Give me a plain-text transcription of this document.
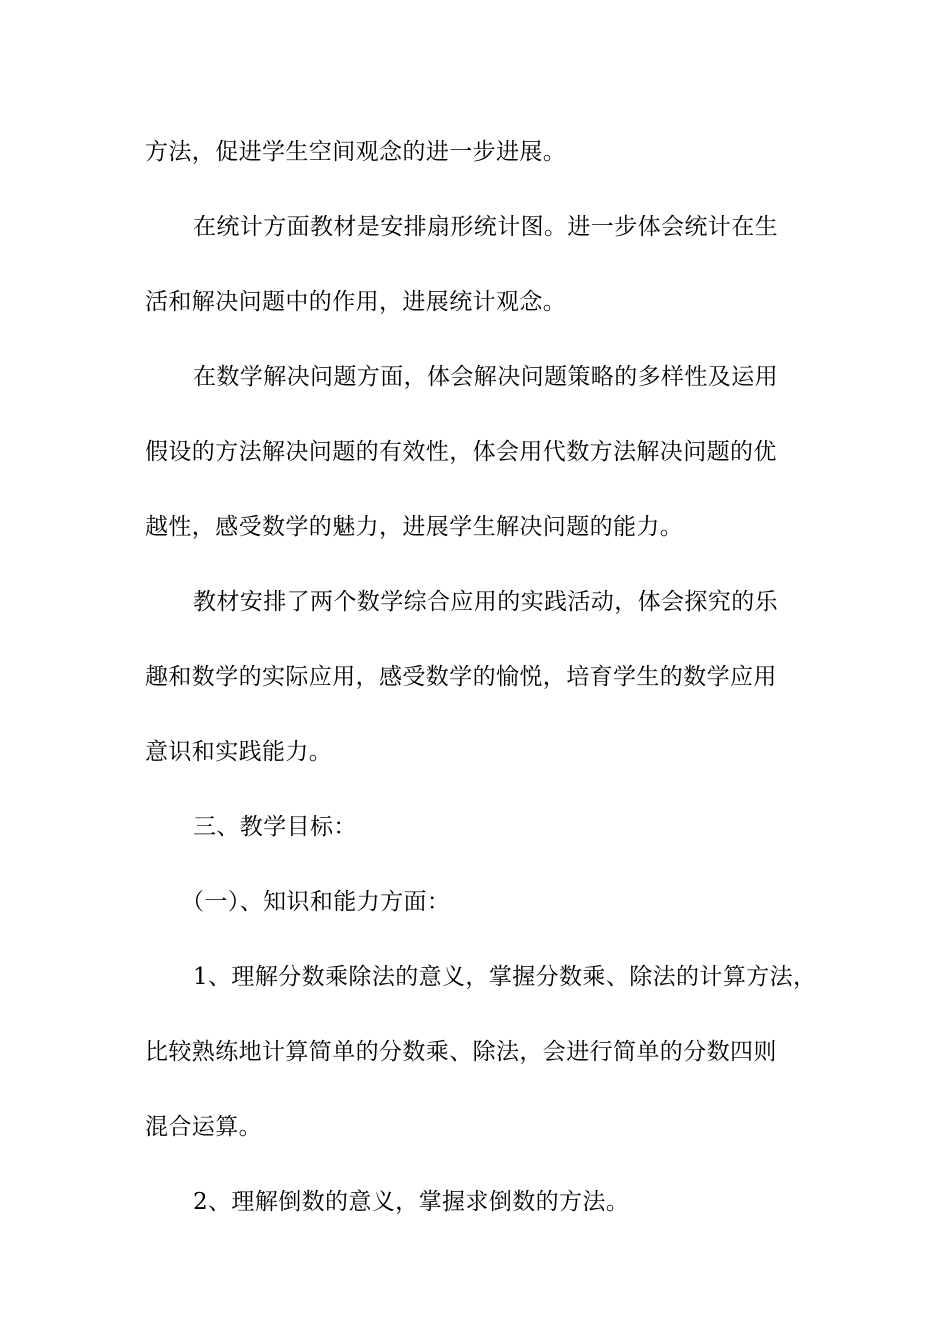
方法，促进学生空间观念的进一步进展。
在统计方面教材是安排扇形统计图。进一步体会统计在生
活和解决问题中的作用，进展统计观念。
在数学解决问题方面，体会解决问题策略的多样性及运用
假设的方法解决问题的有效性，体会用代数方法解决问题的优
越性，感受数学的魅力，进展学生解决问题的能力。
教材安排了两个数学综合应用的实践活动，体会探究的乐
趣和数学的实际应用，感受数学的愉悦，培育学生的数学应用
意识和实践能力。
三、教学目标：
（一）、知识和能力方面：
1、理解分数乘除法的意义，掌握分数乘、除法的计算方法，
比较熟练地计算简单的分数乘、除法，会进行简单的分数四则
混合运算。
2、理解倒数的意义，掌握求倒数的方法。
